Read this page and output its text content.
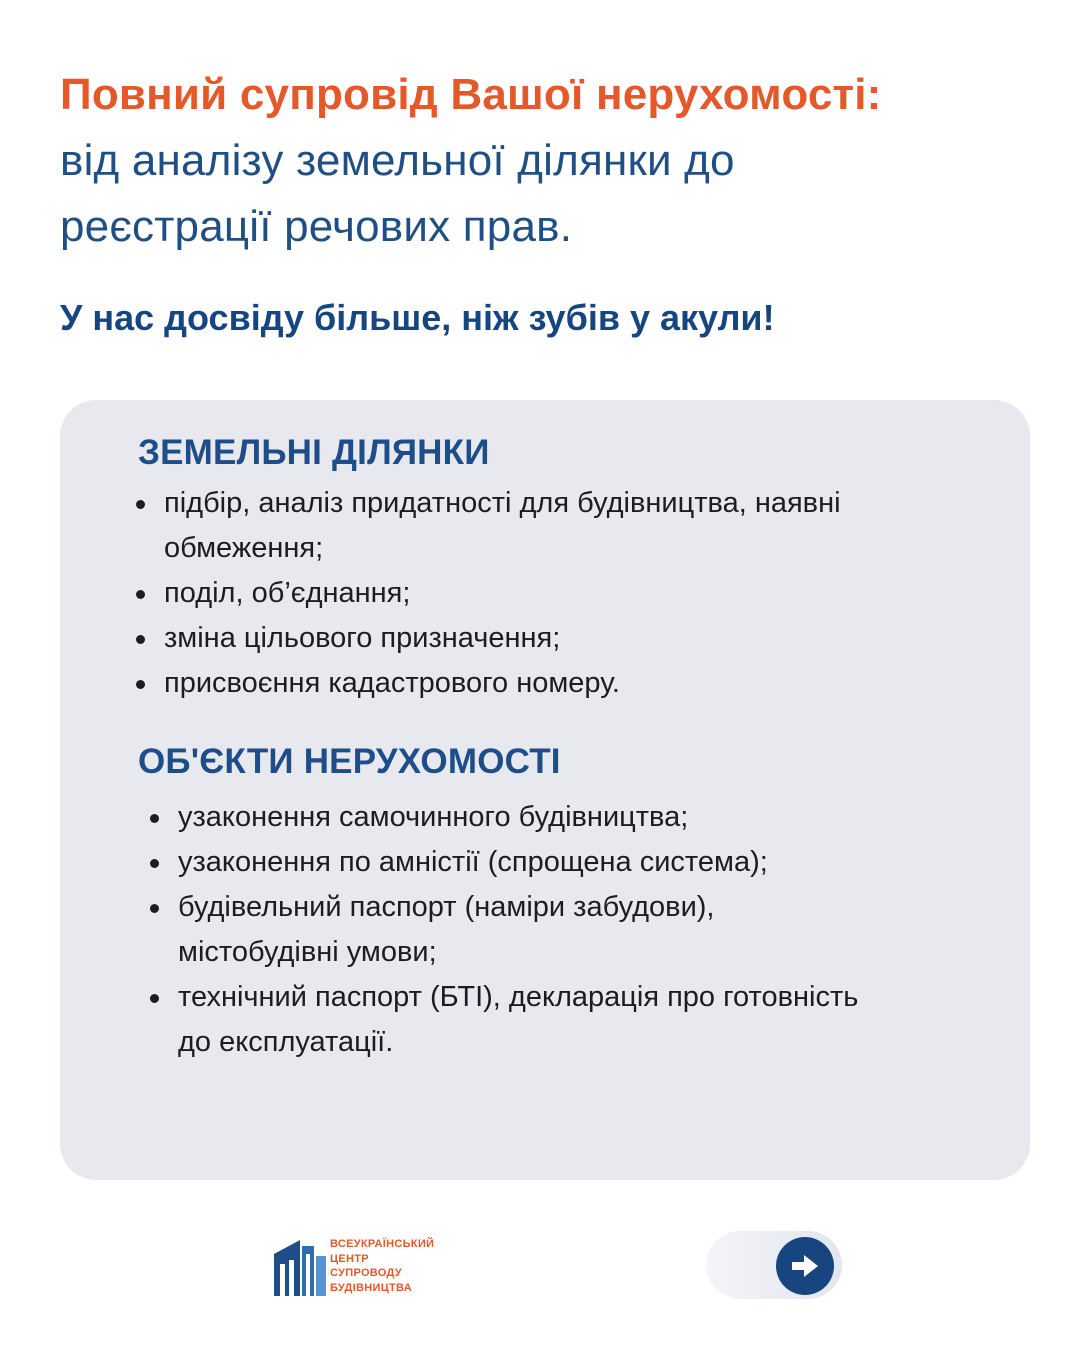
Повний супровід Вашої нерухомості:
від аналізу земельної ділянки до
реєстрації речових прав.
У нас досвіду більше, ніж зубів у акули!
ЗЕМЕЛЬНІ ДІЛЯНКИ
підбір, аналіз придатності для будівництва, наявні обмеження;
поділ, об’єднання;
зміна цільового призначення;
присвоєння кадастрового номеру.
ОБ'ЄКТИ НЕРУХОМОСТІ
узаконення самочинного будівництва;
узаконення по амністії (спрощена система);
будівельний паспорт (наміри забудови), містобудівні умови;
технічний паспорт (БТІ), декларація про готовність до експлуатації.
ВСЕУКРАЇНСЬКИЙ
ЦЕНТР
СУПРОВОДУ
БУДІВНИЦТВА
